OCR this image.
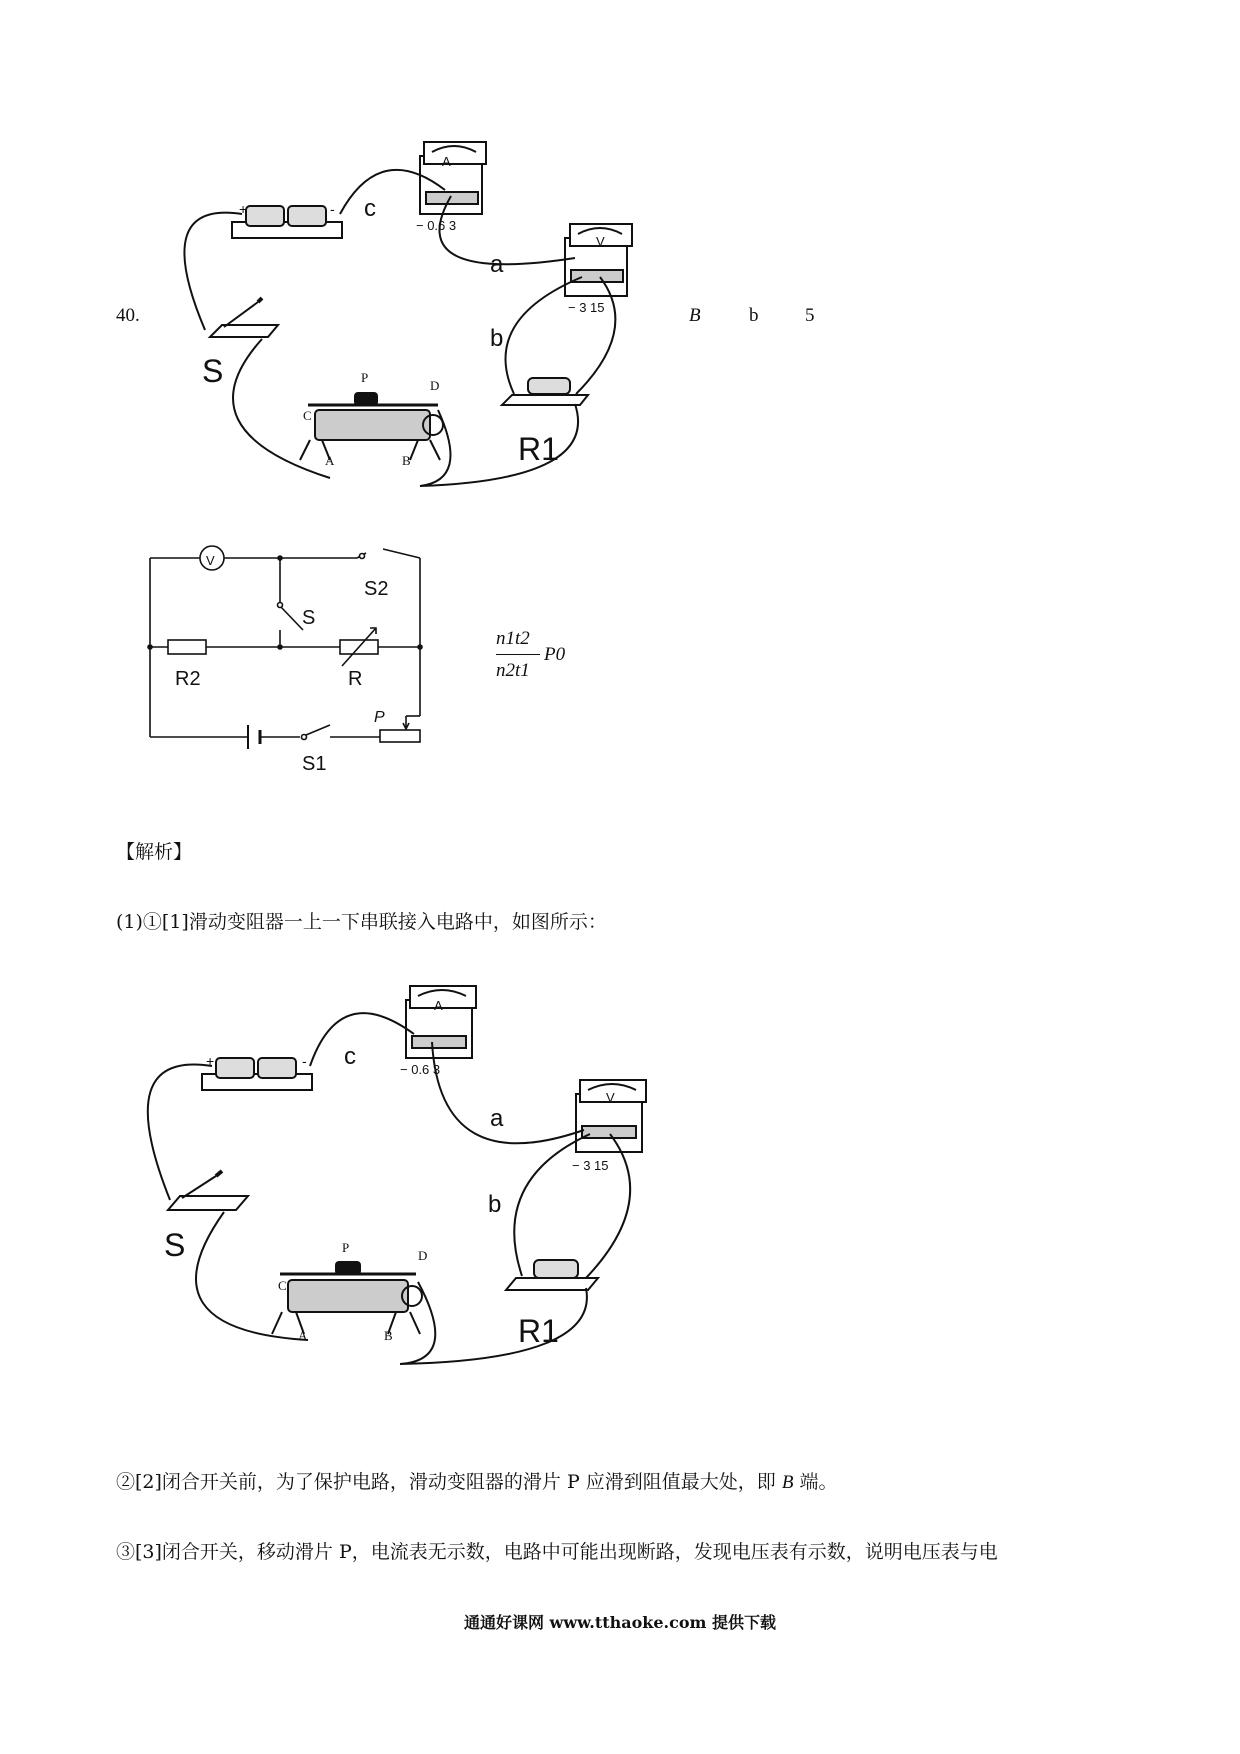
40.	B	b 5
+	-
A
− 0.6 3
V
− 3 15
c
a
b
S
R1
C
P
D
A	B
V
S2
S
R2	R
P
S1
n1t2
n2t1
P0
【解析】
(1)①[1]滑动变阻器一上一下串联接入电路中，如图所示：
+	-
A
− 0.6 3
V
− 3 15
c
a
b
S
R1
C
P
D
A	B
②[2]闭合开关前，为了保护电路，滑动变阻器的滑片 P 应滑到阻值最大处，即 B 端。
③[3]闭合开关，移动滑片 P，电流表无示数，电路中可能出现断路，发现电压表有示数，说明电压表与电
通通好课网 www.tthaoke.com 提供下载
